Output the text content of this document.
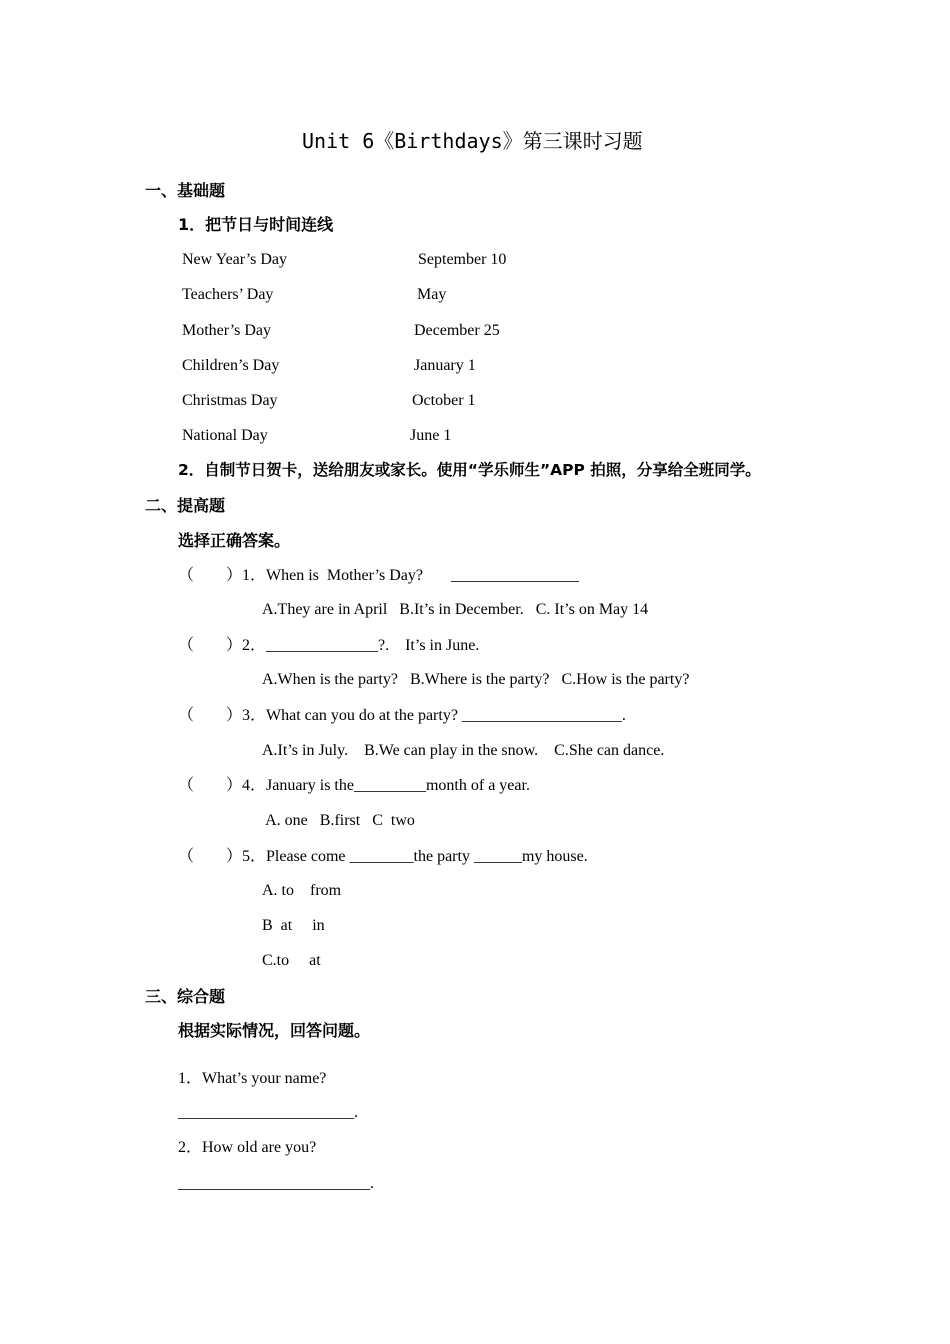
Unit 6《Birthdays》第三课时习题
一、基础题
1．把节日与时间连线
New Year’s Day
Teachers’ Day
Mother’s Day
Children’s Day
Christmas Day
National Day
September 10
May
December 25
January 1
October 1
June 1
2．自制节日贺卡，送给朋友或家长。使用“学乐师生”APP 拍照，分享给全班同学。
二、提高题
选择正确答案。
（　　）1．When is  Mother’s Day?       ________________
A.They are in April   B.It’s in December.   C. It’s on May 14
（　　）2．______________?.    It’s in June.
A.When is the party?   B.Where is the party?   C.How is the party?
（　　）3．What can you do at the party? ____________________.
A.It’s in July.    B.We can play in the snow.    C.She can dance.
（　　）4．January is the_________month of a year.
A. one   B.first   C  two
（　　）5．Please come ________the party ______my house.
A. to    from
B  at     in
C.to     at
三、综合题
根据实际情况，回答问题。
1．What’s your name?
______________________.
2．How old are you?
________________________.
